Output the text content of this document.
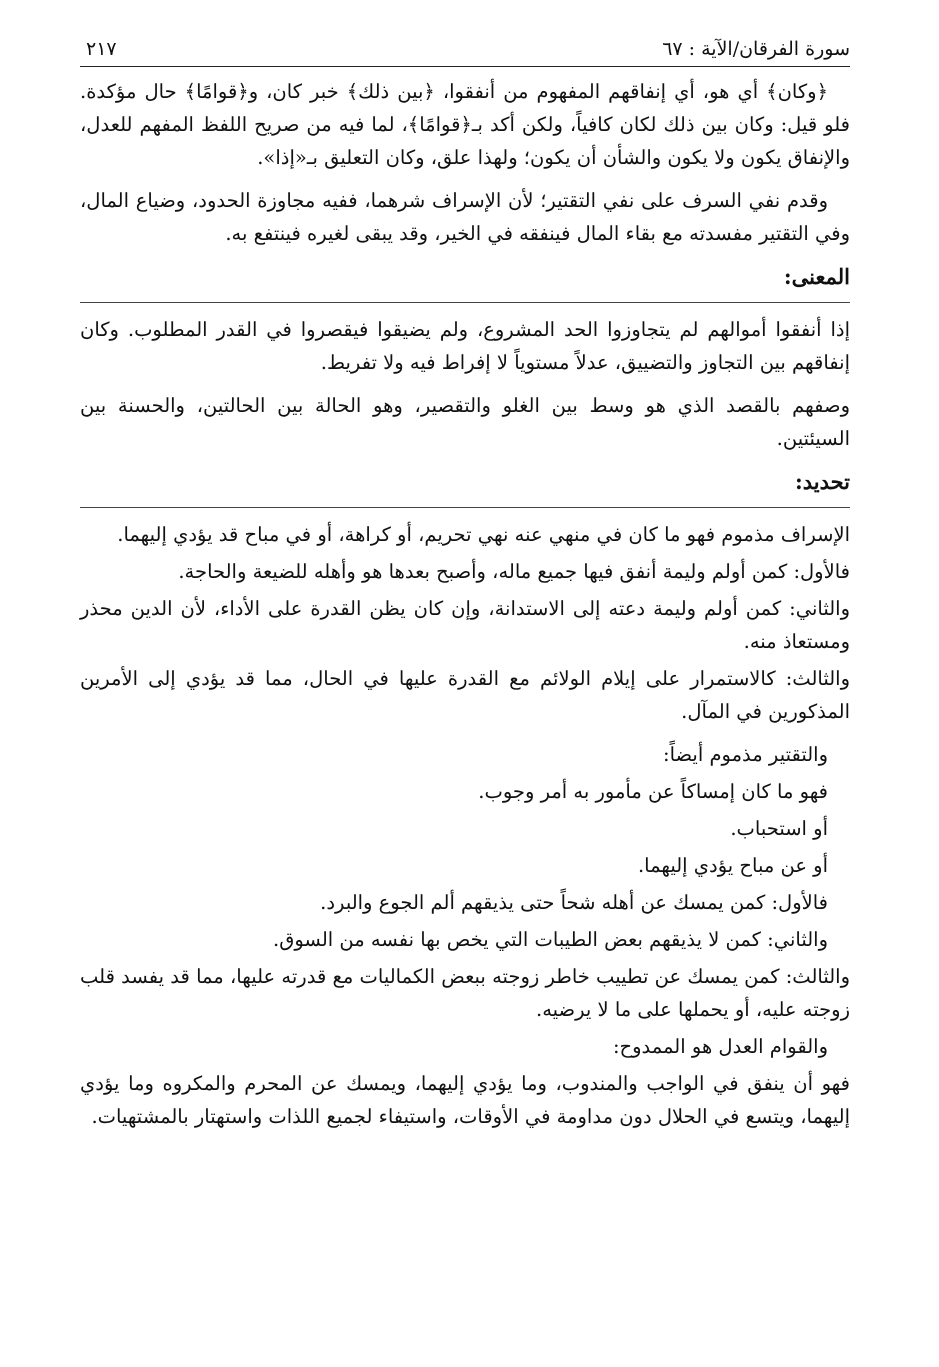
سورة الفرقان/الآية : ٦٧
٢١٧

﴿وكان﴾ أي هو، أي إنفاقهم المفهوم من أنفقوا، ﴿بين ذلك﴾ خبر كان، و﴿قوامًا﴾ حال مؤكدة. فلو قيل: وكان بين ذلك لكان كافياً، ولكن أكد بـ﴿قوامًا﴾، لما فيه من صريح اللفظ المفهم للعدل، والإنفاق يكون ولا يكون والشأن أن يكون؛ ولهذا علق، وكان التعليق بـ«إذا».

وقدم نفي السرف على نفي التقتير؛ لأن الإسراف شرهما، ففيه مجاوزة الحدود، وضياع المال، وفي التقتير مفسدته مع بقاء المال فينفقه في الخير، وقد يبقى لغيره فينتفع به.

المعنى:

إذا أنفقوا أموالهم لم يتجاوزوا الحد المشروع، ولم يضيقوا فيقصروا في القدر المطلوب. وكان إنفاقهم بين التجاوز والتضييق، عدلاً مستوياً لا إفراط فيه ولا تفريط.

وصفهم بالقصد الذي هو وسط بين الغلو والتقصير، وهو الحالة بين الحالتين، والحسنة بين السيئتين.

تحديد:

الإسراف مذموم فهو ما كان في منهي عنه نهي تحريم، أو كراهة، أو في مباح قد يؤدي إليهما.

فالأول: كمن أولم وليمة أنفق فيها جميع ماله، وأصبح بعدها هو وأهله للضيعة والحاجة.

والثاني: كمن أولم وليمة دعته إلى الاستدانة، وإن كان يظن القدرة على الأداء، لأن الدين محذر ومستعاذ منه.

والثالث: كالاستمرار على إيلام الولائم مع القدرة عليها في الحال، مما قد يؤدي إلى الأمرين المذكورين في المآل.

والتقتير مذموم أيضاً:

فهو ما كان إمساكاً عن مأمور به أمر وجوب.

أو استحباب.

أو عن مباح يؤدي إليهما.

فالأول: كمن يمسك عن أهله شحاً حتى يذيقهم ألم الجوع والبرد.

والثاني: كمن لا يذيقهم بعض الطيبات التي يخص بها نفسه من السوق.

والثالث: كمن يمسك عن تطييب خاطر زوجته ببعض الكماليات مع قدرته عليها، مما قد يفسد قلب زوجته عليه، أو يحملها على ما لا يرضيه.

والقوام العدل هو الممدوح:

فهو أن ينفق في الواجب والمندوب، وما يؤدي إليهما، ويمسك عن المحرم والمكروه وما يؤدي إليهما، ويتسع في الحلال دون مداومة في الأوقات، واستيفاء لجميع اللذات واستهتار بالمشتهيات.
